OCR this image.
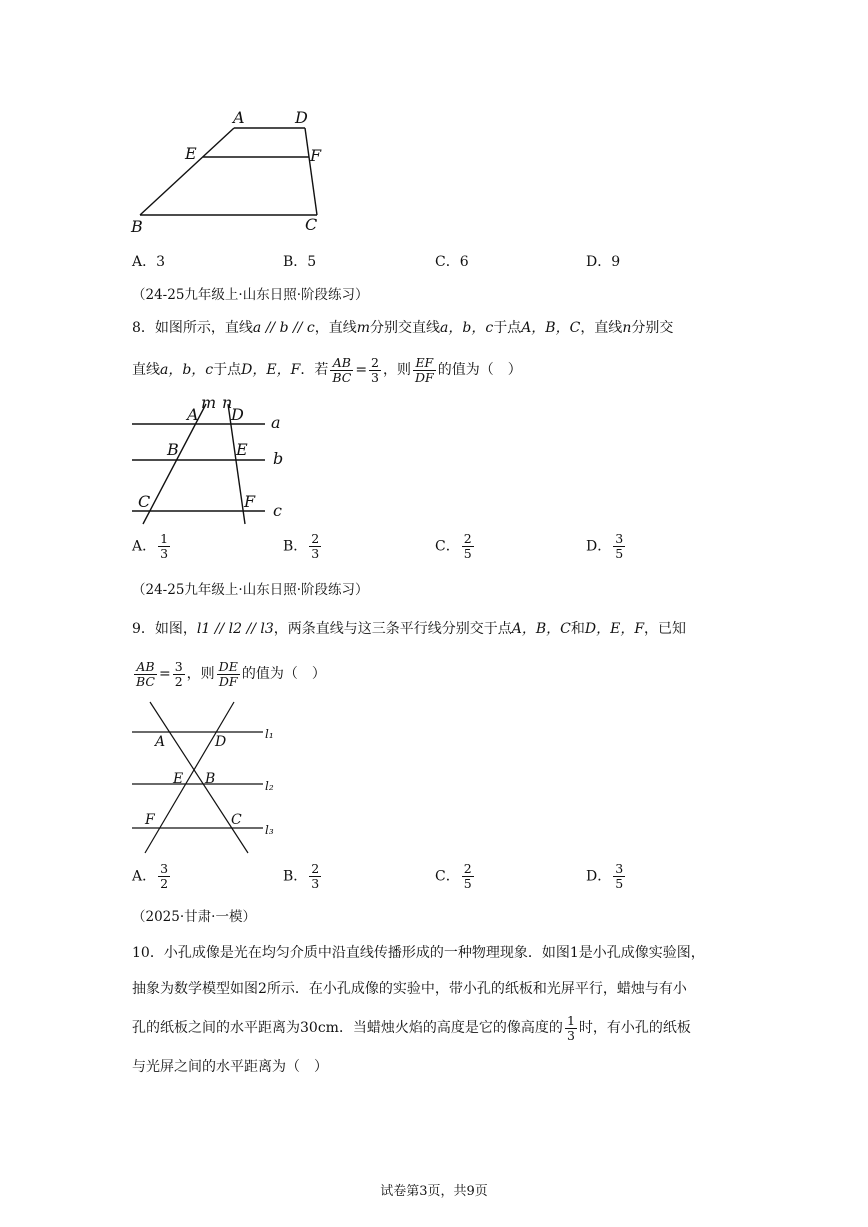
A	D
E	F
B	C
A．3	B．5	C．6	D．9
（24-25九年级上·山东日照·阶段练习）
8．如图所示，直线a // b // c，直线m分别交直线a，b，c于点A，B，C，直线n分别交
直线a，b，c于点D，E，F．若 $\frac{AB}{BC} = \frac{2}{3}$ ，则 $\frac{EF}{DF}$ 的值为（　）
A
m n
D a
B	E b
C	F c
A． $\frac{1}{3}$	B． $\frac{2}{3}$	C． $\frac{2}{5}$	D． $\frac{3}{5}$
（24-25九年级上·山东日照·阶段练习）
9．如图，l1 // l2 // l3，两条直线与这三条平行线分别交于点A，B，C和D，E，F，已知
$\frac{AB}{BC} = \frac{3}{2}$ ，则 $\frac{DE}{DF}$ 的值为（　）
A	D	l₁
E B	l₂
F	C
l₃
A． $\frac{3}{2}$	B． $\frac{2}{3}$	C． $\frac{2}{5}$	D． $\frac{3}{5}$
（2025·甘肃·一模）
10．小孔成像是光在均匀介质中沿直线传播形成的一种物理现象．如图1是小孔成像实验图，
抽象为数学模型如图2所示．在小孔成像的实验中，带小孔的纸板和光屏平行，蜡烛与有小
孔的纸板之间的水平距离为30cm．当蜡烛火焰的高度是它的像高度的 $\frac{1}{3}$ 时，有小孔的纸板
与光屏之间的水平距离为（　）
试卷第3页，共9页
